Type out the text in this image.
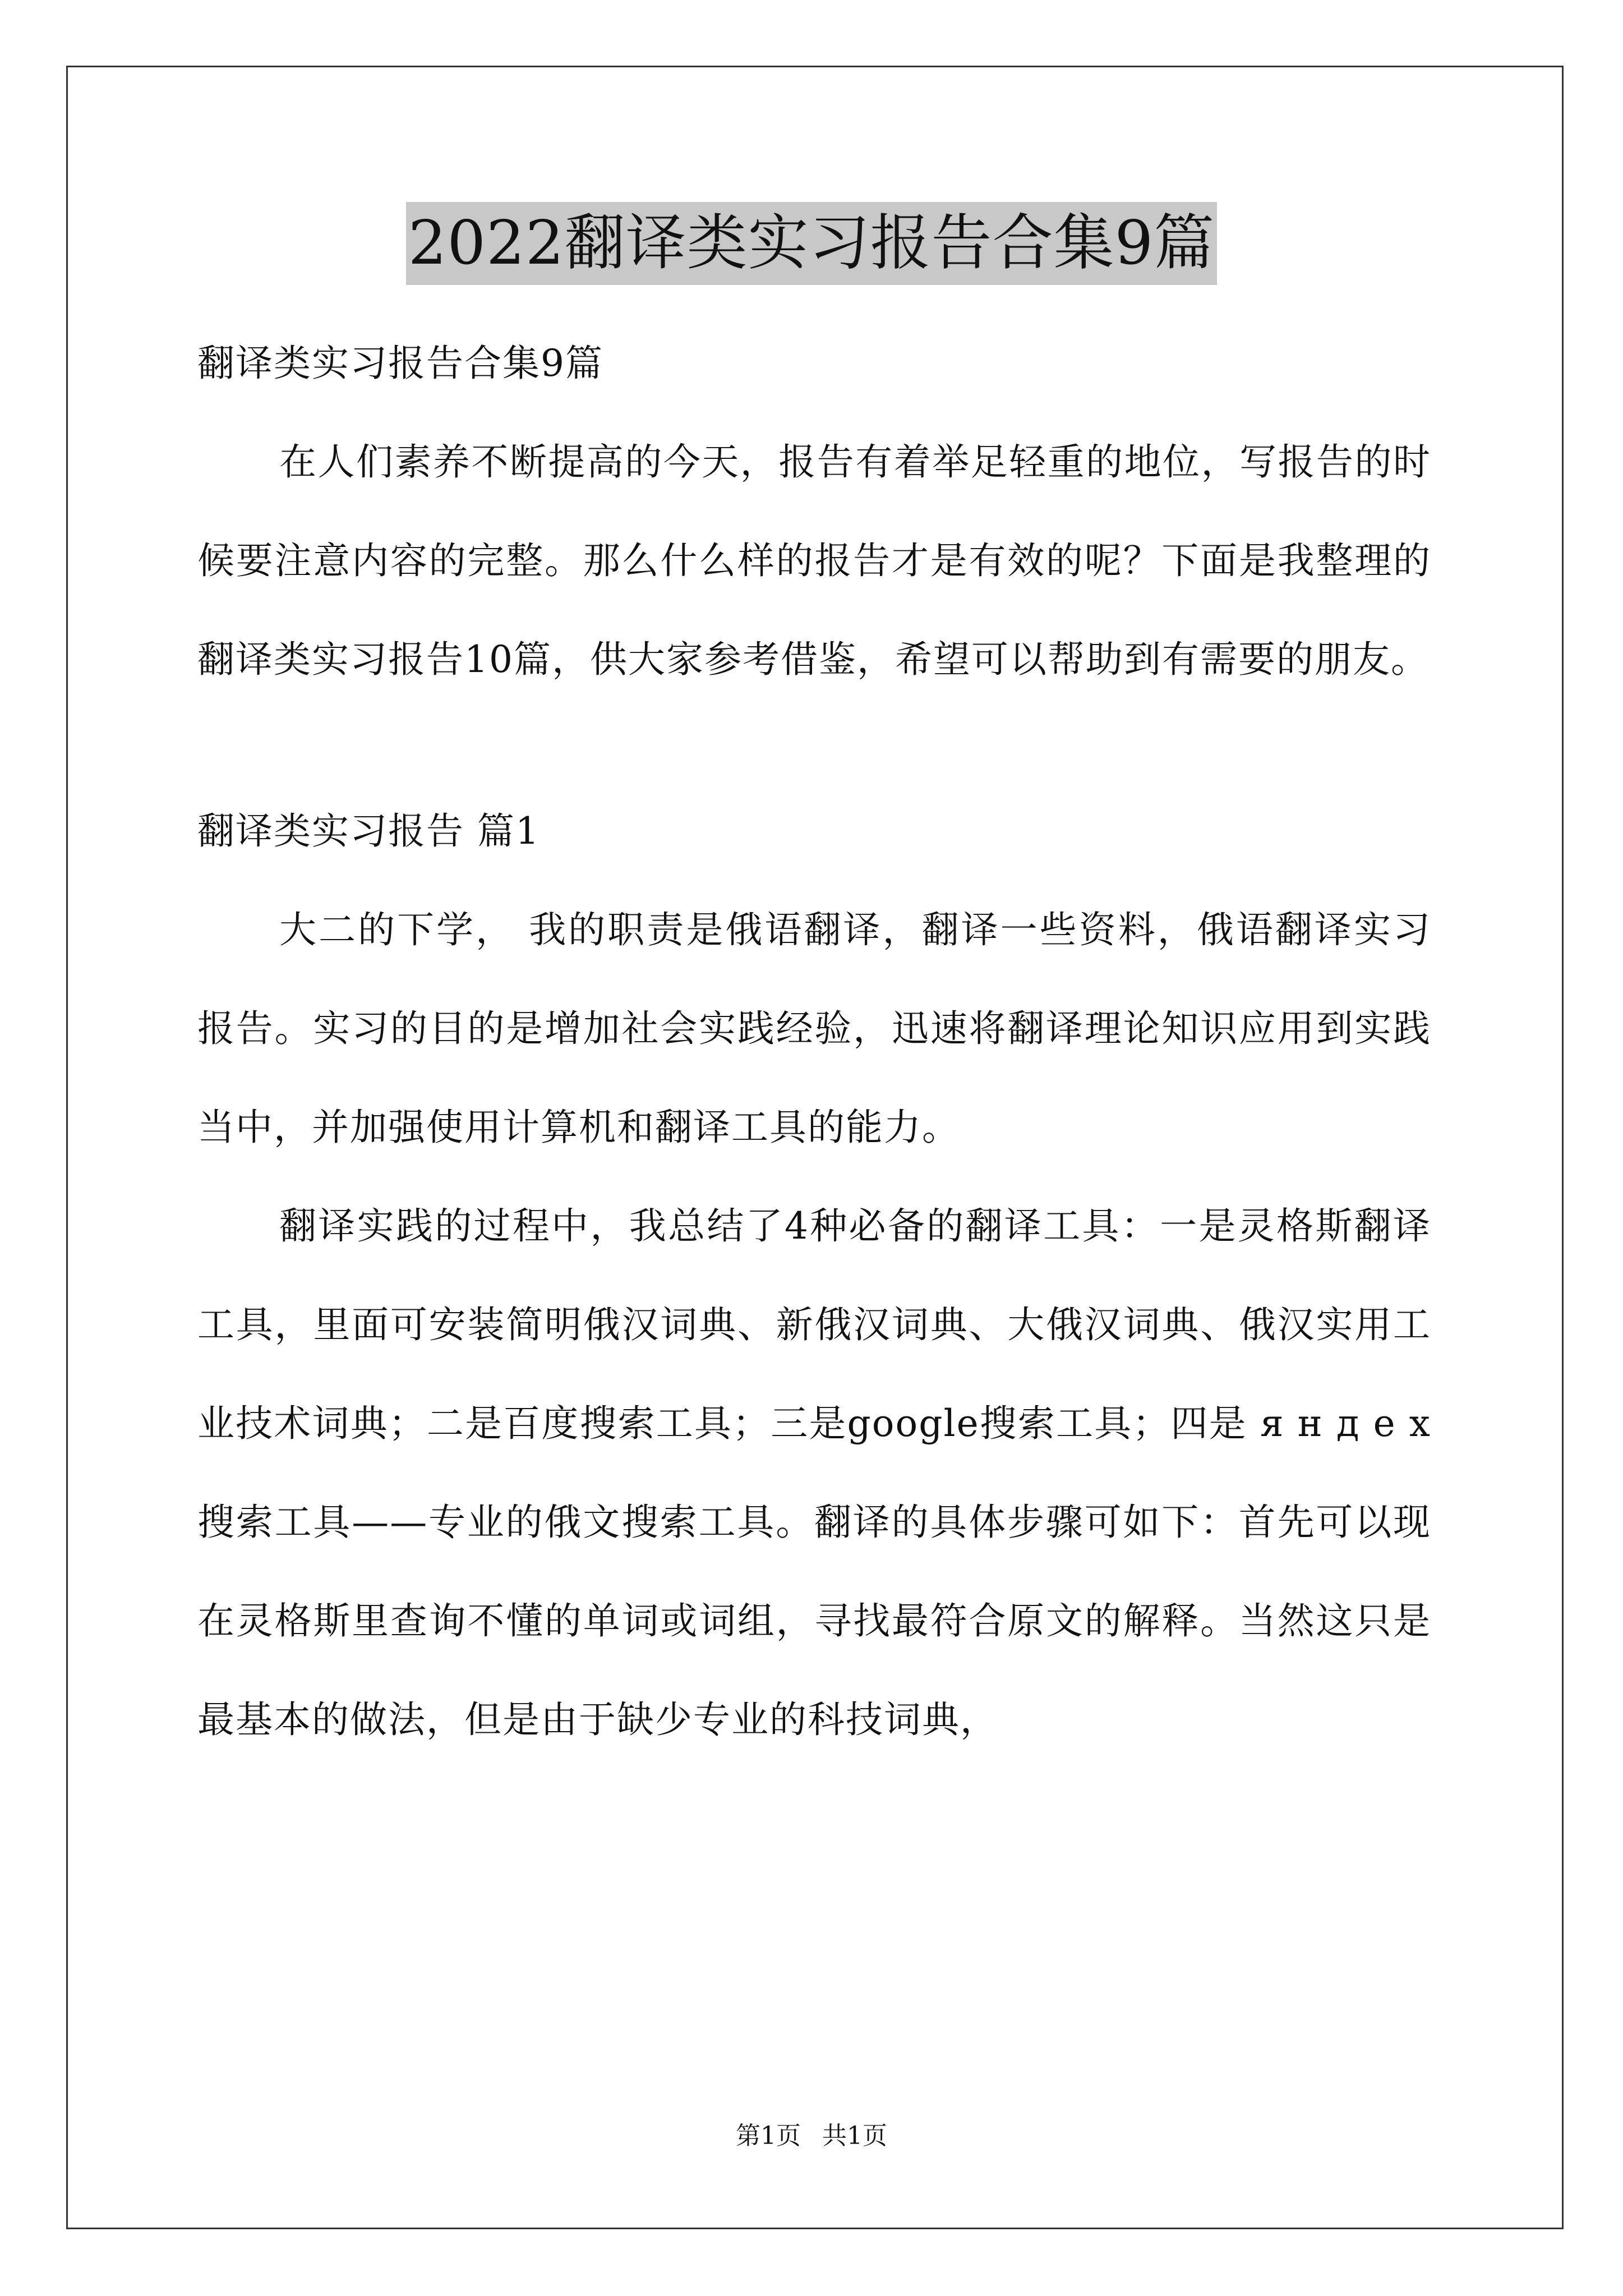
2022翻译类实习报告合集9篇
翻译类实习报告合集9篇

在人们素养不断提高的今天，报告有着举足轻重的地位，写报告的时候要注意内容的完整。那么什么样的报告才是有效的呢？下面是我整理的翻译类实习报告10篇，供大家参考借鉴，希望可以帮助到有需要的朋友。

翻译类实习报告 篇1

大二的下学， 我的职责是俄语翻译，翻译一些资料，俄语翻译实习报告。实习的目的是增加社会实践经验，迅速将翻译理论知识应用到实践当中，并加强使用计算机和翻译工具的能力。

翻译实践的过程中，我总结了4种必备的翻译工具：一是灵格斯翻译工具，里面可安装简明俄汉词典、新俄汉词典、大俄汉词典、俄汉实用工业技术词典；二是百度搜索工具；三是google搜索工具；四是 я н д е х 搜索工具——专业的俄文搜索工具。翻译的具体步骤可如下：首先可以现在灵格斯里查询不懂的单词或词组，寻找最符合原文的解释。当然这只是最基本的做法，但是由于缺少专业的科技词典，

第1页 共1页
